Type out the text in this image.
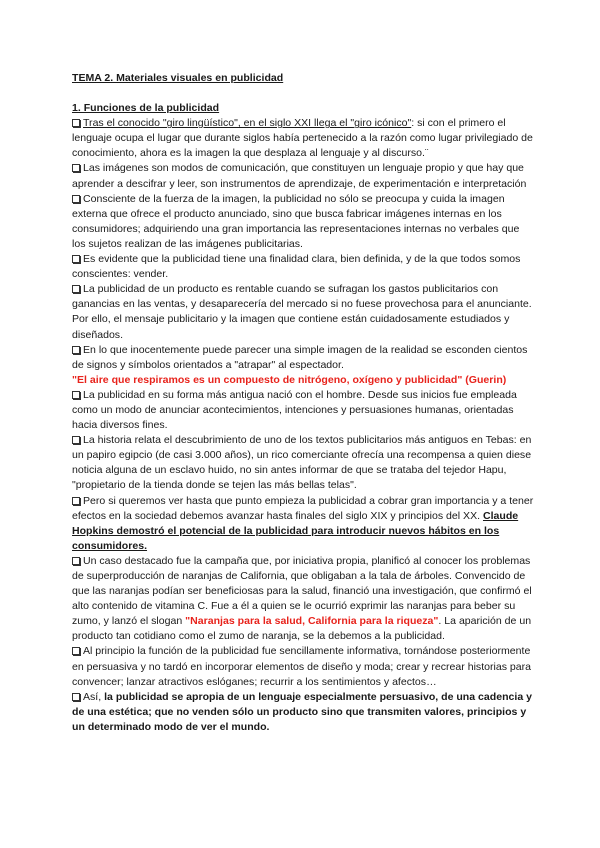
TEMA 2. Materiales visuales en publicidad

1. Funciones de la publicidad

Tras el conocido "giro lingüístico", en el siglo XXI llega el "giro icónico": si con el primero el lenguaje ocupa el lugar que durante siglos había pertenecido a la razón como lugar privilegiado de conocimiento, ahora es la imagen la que desplaza al lenguaje y al discurso.¨

Las imágenes son modos de comunicación, que constituyen un lenguaje propio y que hay que aprender a descifrar y leer, son instrumentos de aprendizaje, de experimentación e interpretación

Consciente de la fuerza de la imagen, la publicidad no sólo se preocupa y cuida la imagen externa que ofrece el producto anunciado, sino que busca fabricar imágenes internas en los consumidores; adquiriendo una gran importancia las representaciones internas no verbales que los sujetos realizan de las imágenes publicitarias.

Es evidente que la publicidad tiene una finalidad clara, bien definida, y de la que todos somos conscientes: vender.

La publicidad de un producto es rentable cuando se sufragan los gastos publicitarios con ganancias en las ventas, y desaparecería del mercado si no fuese provechosa para el anunciante. Por ello, el mensaje publicitario y la imagen que contiene están cuidadosamente estudiados y diseñados.

En lo que inocentemente puede parecer una simple imagen de la realidad se esconden cientos de signos y símbolos orientados a "atrapar" al espectador.

"El aire que respiramos es un compuesto de nitrógeno, oxígeno y publicidad" (Guerin)

La publicidad en su forma más antigua nació con el hombre. Desde sus inicios fue empleada como un modo de anunciar acontecimientos, intenciones y persuasiones humanas, orientadas hacia diversos fines.

La historia relata el descubrimiento de uno de los textos publicitarios más antiguos en Tebas: en un papiro egipcio (de casi 3.000 años), un rico comerciante ofrecía una recompensa a quien diese noticia alguna de un esclavo huido, no sin antes informar de que se trataba del tejedor Hapu, "propietario de la tienda donde se tejen las más bellas telas".

Pero si queremos ver hasta que punto empieza la publicidad a cobrar gran importancia y a tener efectos en la sociedad debemos avanzar hasta finales del siglo XIX y principios del XX. Claude Hopkins demostró el potencial de la publicidad para introducir nuevos hábitos en los consumidores.

Un caso destacado fue la campaña que, por iniciativa propia, planificó al conocer los problemas de superproducción de naranjas de California, que obligaban a la tala de árboles. Convencido de que las naranjas podían ser beneficiosas para la salud, financió una investigación, que confirmó el alto contenido de vitamina C. Fue a él a quien se le ocurrió exprimir las naranjas para beber su zumo, y lanzó el slogan "Naranjas para la salud, California para la riqueza". La aparición de un producto tan cotidiano como el zumo de naranja, se la debemos a la publicidad.

Al principio la función de la publicidad fue sencillamente informativa, tornándose posteriormente en persuasiva y no tardó en incorporar elementos de diseño y moda; crear y recrear historias para convencer; lanzar atractivos eslóganes; recurrir a los sentimientos y afectos…

Así, la publicidad se apropia de un lenguaje especialmente persuasivo, de una cadencia y de una estética; que no venden sólo un producto sino que transmiten valores, principios y un determinado modo de ver el mundo.
